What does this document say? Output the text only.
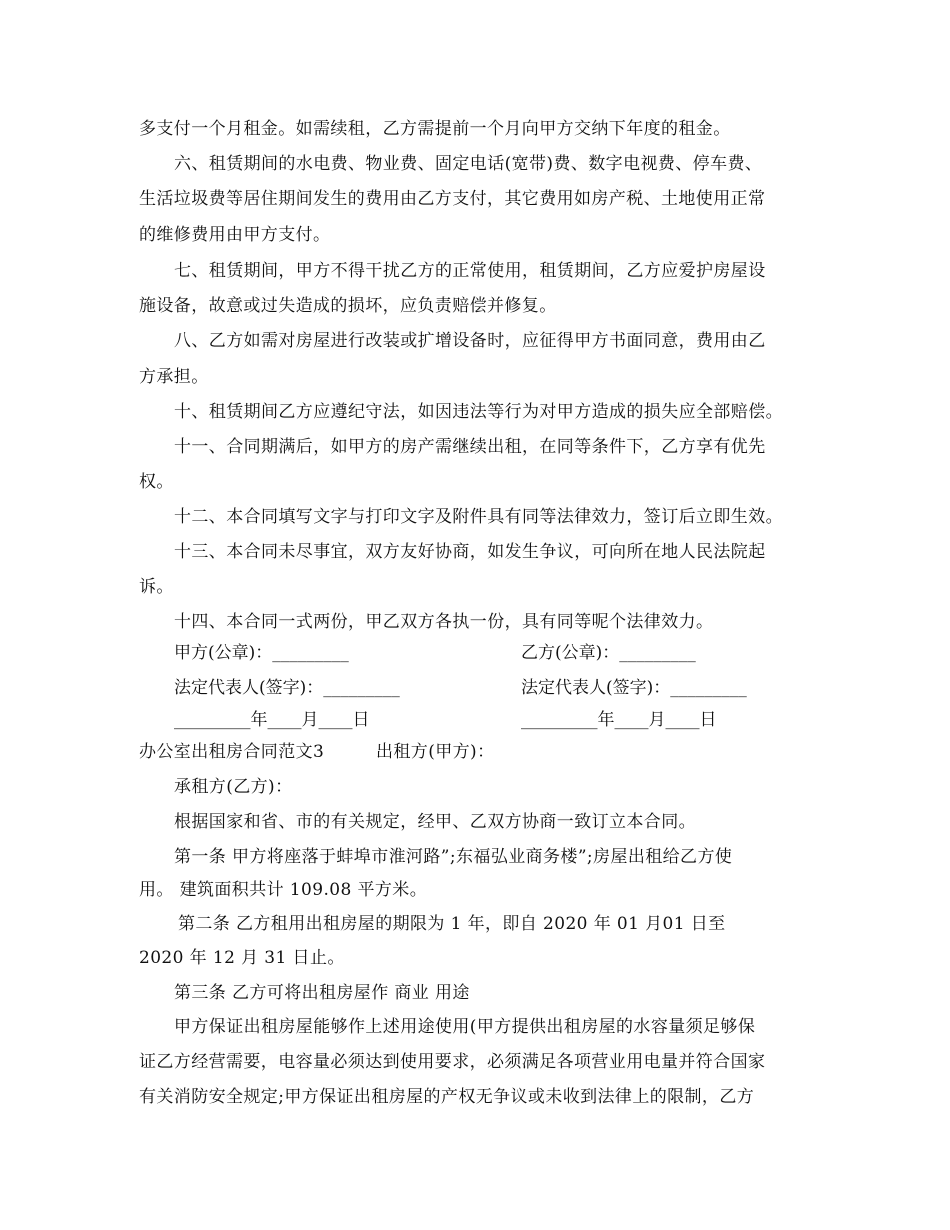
多支付一个月租金。如需续租，乙方需提前一个月向甲方交纳下年度的租金。
六、租赁期间的水电费、物业费、固定电话(宽带)费、数字电视费、停车费、
生活垃圾费等居住期间发生的费用由乙方支付，其它费用如房产税、土地使用正常
的维修费用由甲方支付。
七、租赁期间，甲方不得干扰乙方的正常使用，租赁期间，乙方应爱护房屋设
施设备，故意或过失造成的损坏，应负责赔偿并修复。
八、乙方如需对房屋进行改装或扩增设备时，应征得甲方书面同意，费用由乙
方承担。
十、租赁期间乙方应遵纪守法，如因违法等行为对甲方造成的损失应全部赔偿。
十一、合同期满后，如甲方的房产需继续出租，在同等条件下，乙方享有优先
权。
十二、本合同填写文字与打印文字及附件具有同等法律效力，签订后立即生效。
十三、本合同未尽事宜，双方友好协商，如发生争议，可向所在地人民法院起
诉。
十四、本合同一式两份，甲乙双方各执一份，具有同等呢个法律效力。
甲方(公章)：_________	乙方(公章)：_________
法定代表人(签字)：_________	法定代表人(签字)：_________
_________年____月____日	_________年____月____日
办公室出租房合同范文3	出租方(甲方)：
承租方(乙方)：
根据国家和省、市的有关规定，经甲、乙双方协商一致订立本合同。
第一条 甲方将座落于蚌埠市淮河路”;东福弘业商务楼”;房屋出租给乙方使
用。 建筑面积共计 109.08 平方米。
第二条 乙方租用出租房屋的期限为 1 年，即自 2020 年 01 月01 日至
2020 年 12 月 31 日止。
第三条 乙方可将出租房屋作 商业 用途
甲方保证出租房屋能够作上述用途使用(甲方提供出租房屋的水容量须足够保
证乙方经营需要，电容量必须达到使用要求，必须满足各项营业用电量并符合国家
有关消防安全规定;甲方保证出租房屋的产权无争议或未收到法律上的限制，乙方
